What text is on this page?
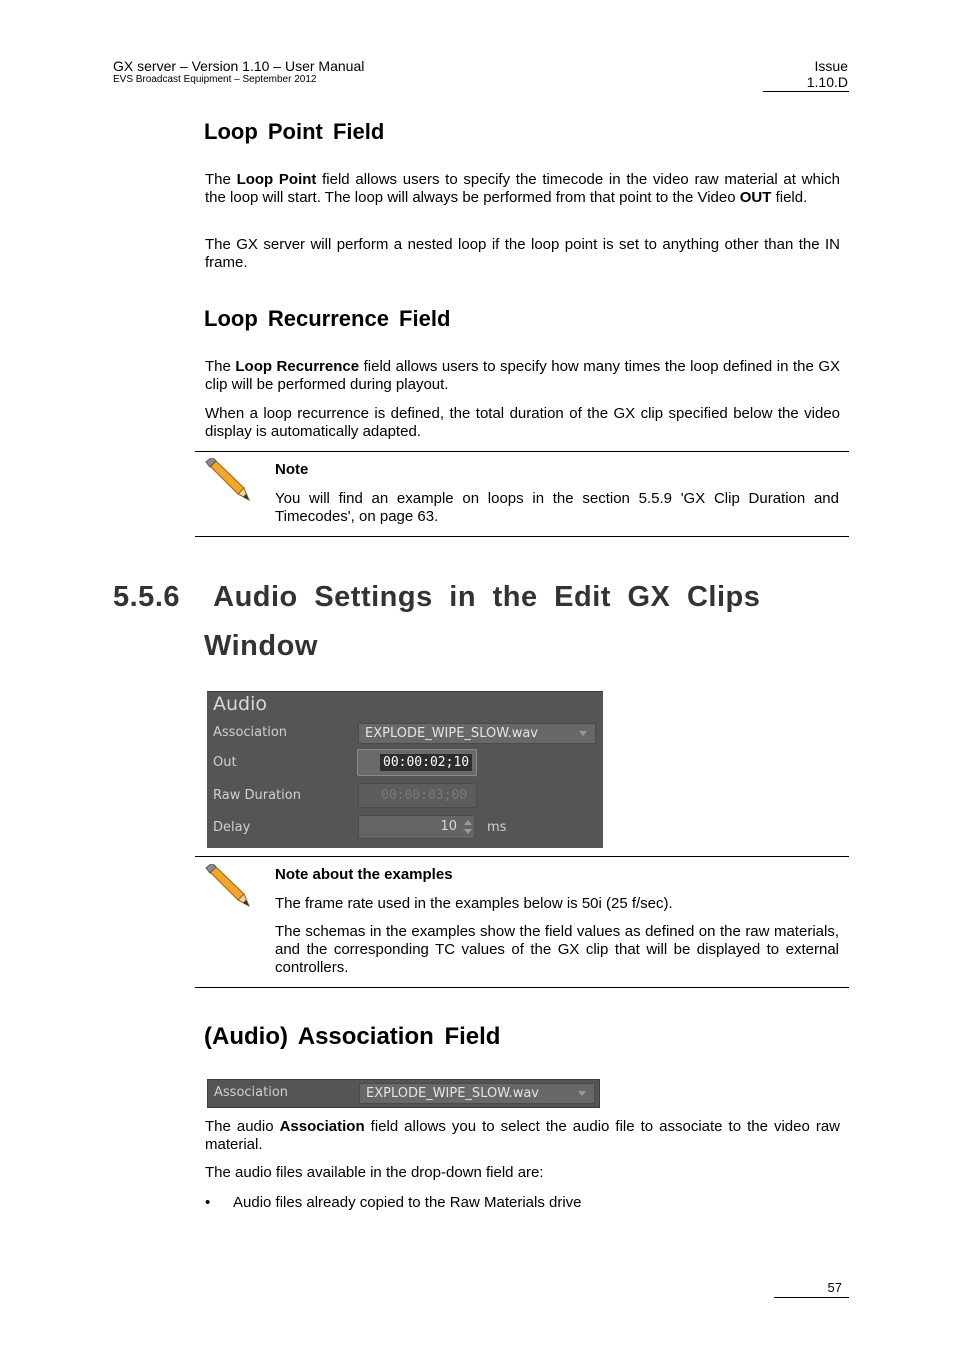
GX server – Version 1.10 – User Manual
EVS Broadcast Equipment – September 2012
Issue
1.10.D
Loop Point Field

The Loop Point field allows users to specify the timecode in the video raw material at which the loop will start. The loop will always be performed from that point to the Video OUT field.

The GX server will perform a nested loop if the loop point is set to anything other than the IN frame.

Loop Recurrence Field

The Loop Recurrence field allows users to specify how many times the loop defined in the GX clip will be performed during playout.

When a loop recurrence is defined, the total duration of the GX clip specified below the video display is automatically adapted.

Note

You will find an example on loops in the section 5.5.9 'GX Clip Duration and Timecodes', on page 63.

5.5.6 Audio Settings in the Edit GX Clips
Window
Audio
Association	EXPLODE_WIPE_SLOW.wav
Out	00:00:02;10
Raw Duration	00:00:03;00
Delay	10 ms
Note about the examples

The frame rate used in the examples below is 50i (25 f/sec).

The schemas in the examples show the field values as defined on the raw materials, and the corresponding TC values of the GX clip that will be displayed to external controllers.

(Audio) Association Field
Association	EXPLODE_WIPE_SLOW.wav

The audio Association field allows you to select the audio file to associate to the video raw material.

The audio files available in the drop-down field are:

• Audio files already copied to the Raw Materials drive
57
